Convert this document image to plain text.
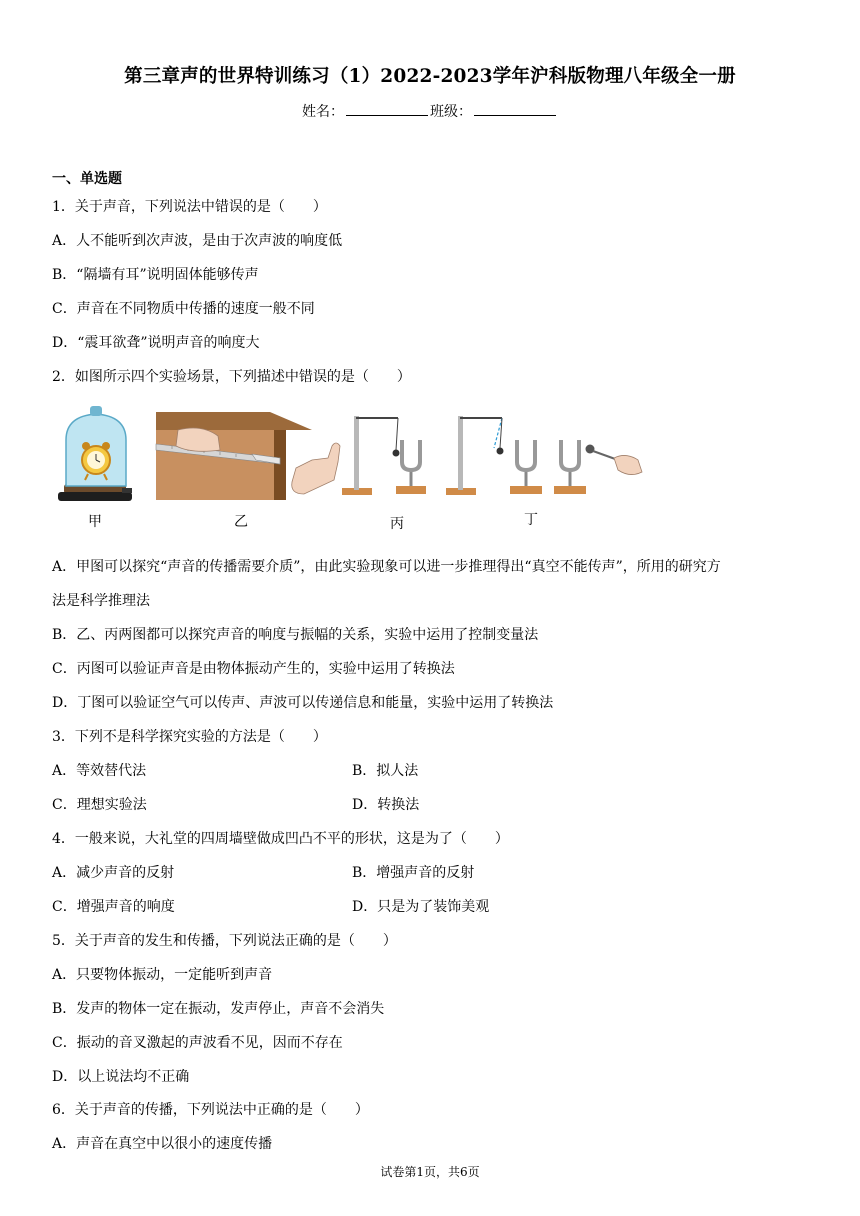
第三章声的世界特训练习（1）2022-2023学年沪科版物理八年级全一册
姓名：	班级：
一、单选题
1．关于声音，下列说法中错误的是（　　）
A．人不能听到次声波，是由于次声波的响度低
B．“隔墙有耳”说明固体能够传声
C．声音在不同物质中传播的速度一般不同
D．“震耳欲聋”说明声音的响度大
2．如图所示四个实验场景，下列描述中错误的是（　　）
甲	乙	丙	丁
A．甲图可以探究“声音的传播需要介质”，由此实验现象可以进一步推理得出“真空不能传声”，所用的研究方
法是科学推理法
B．乙、丙两图都可以探究声音的响度与振幅的关系，实验中运用了控制变量法
C．丙图可以验证声音是由物体振动产生的，实验中运用了转换法
D．丁图可以验证空气可以传声、声波可以传递信息和能量，实验中运用了转换法
3．下列不是科学探究实验的方法是（　　）
A．等效替代法	B．拟人法
C．理想实验法	D．转换法
4．一般来说，大礼堂的四周墙壁做成凹凸不平的形状，这是为了（　　）
A．减少声音的反射	B．增强声音的反射
C．增强声音的响度	D．只是为了装饰美观
5．关于声音的发生和传播，下列说法正确的是（　　）
A．只要物体振动，一定能听到声音
B．发声的物体一定在振动，发声停止，声音不会消失
C．振动的音叉激起的声波看不见，因而不存在
D．以上说法均不正确
6．关于声音的传播，下列说法中正确的是（　　）
A．声音在真空中以很小的速度传播
试卷第1页，共6页
